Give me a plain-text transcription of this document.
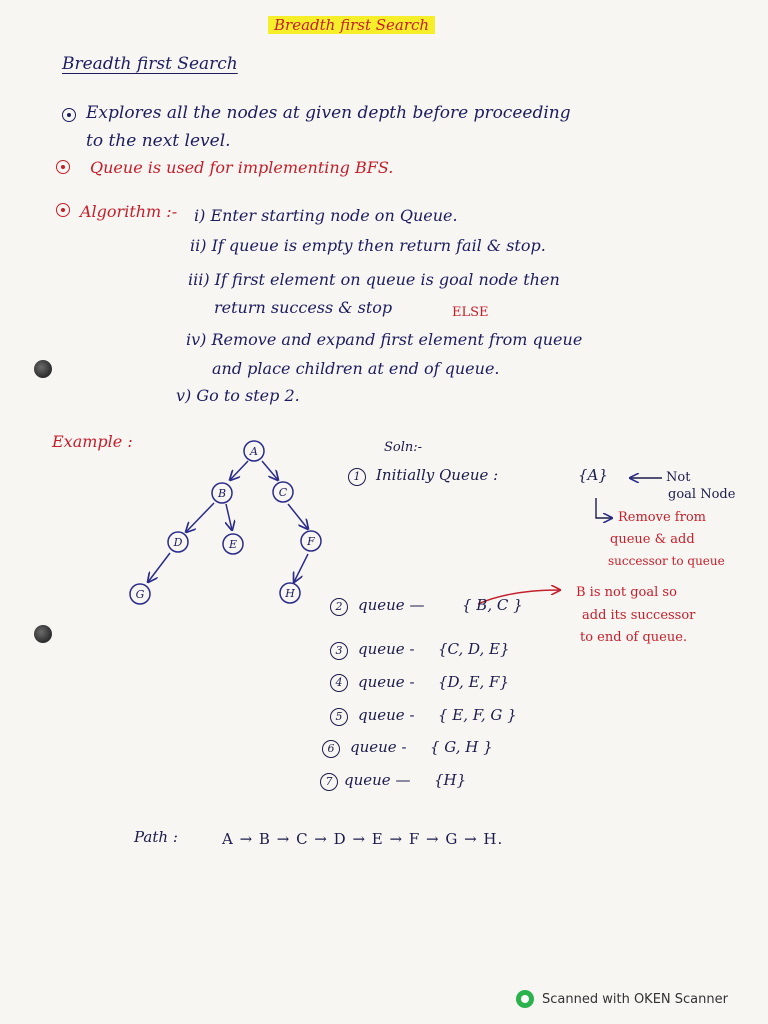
Breadth first Search
Breadth first Search
Explores all the nodes at given depth before proceeding
to the next level.
Queue is used for implementing BFS.
Algorithm :- i) Enter starting node on Queue.
ii) If queue is empty then return fail & stop.
iii) If first element on queue is goal node then
return success & stop	ELSE
iv) Remove and expand first element from queue
and place children at end of queue.
v) Go to step 2.
Example :
A
B	C
D	E	F
G	H
Soln:-
1	Initially Queue :	{A}	Not
goal Node
Remove from
queue & add
successor to queue
2	queue —	{ B, C }
3	queue - {C, D, E}
4	queue - {D, E, F}
5	queue - { E, F, G }
6	queue - { G, H }
7 queue — {H}
B is not goal so
add its successor
to end of queue.
Path :	A → B → C → D → E → F → G → H.
Scanned with OKEN Scanner
